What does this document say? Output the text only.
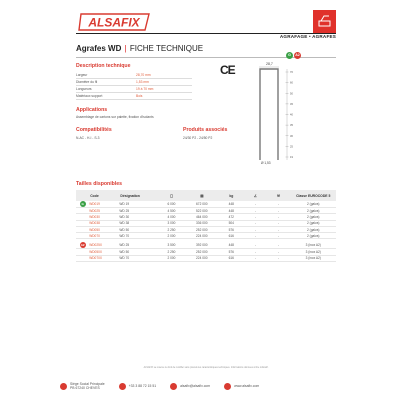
ALSAFIX
AGRAFAGE • AGRAFES
Agrafes WD | FICHE TECHNIQUE
Description technique
Largeur	28,70 mm
Diamètre du fil	1,53 mm
Longueurs	19 à 70 mm
Matériaux support	Bois
Applications
Assemblage de cartons sur palette, fixation d'isolants
Compatibilités
N-AC - H-I - S-3
Produits associés
24/30 P2 - 24/50 P2
CE
G	A2
28,7
70
60
50
45
40
35
30
25
19
Ø 1,53
Tailles disponibles
	Code	Désignation	▢	▤	kg	∠	⚒	Classe EUROCODE 5
G	WD019	WD 19	6 000	672 000	448	-	-	2 (galva)
	WD025	WD 25	4 500	522 000	448	-	-	2 (galva)
	WD030	WD 30	4 000	464 000	472	-	-	2 (galva)
	WD038	WD 38	3 000	336 000	504	-	-	2 (galva)
	WD050	WD 50	2 250	252 000	576	-	-	2 (galva)
	WD070	WD 70	2 000	224 000	616	-	-	2 (galva)

A2	WD025X	WD 25	3 500	392 000	448	-	-	3 (inox A2)
	WD050X	WD 50	2 250	252 000	576	-	-	3 (inox A2)
	WD070X	WD 70	2 000	224 000	616	-	-	3 (inox A2)
ALSAFIX se réserve le droit de modifier sans préavis les caractéristiques techniques. Informations données à titre indicatif.
Siège Social Principale
PB 67240 CHEVES	+33 3 88 72 15 51	alsafix@alsafix.com	www.alsafix.com
